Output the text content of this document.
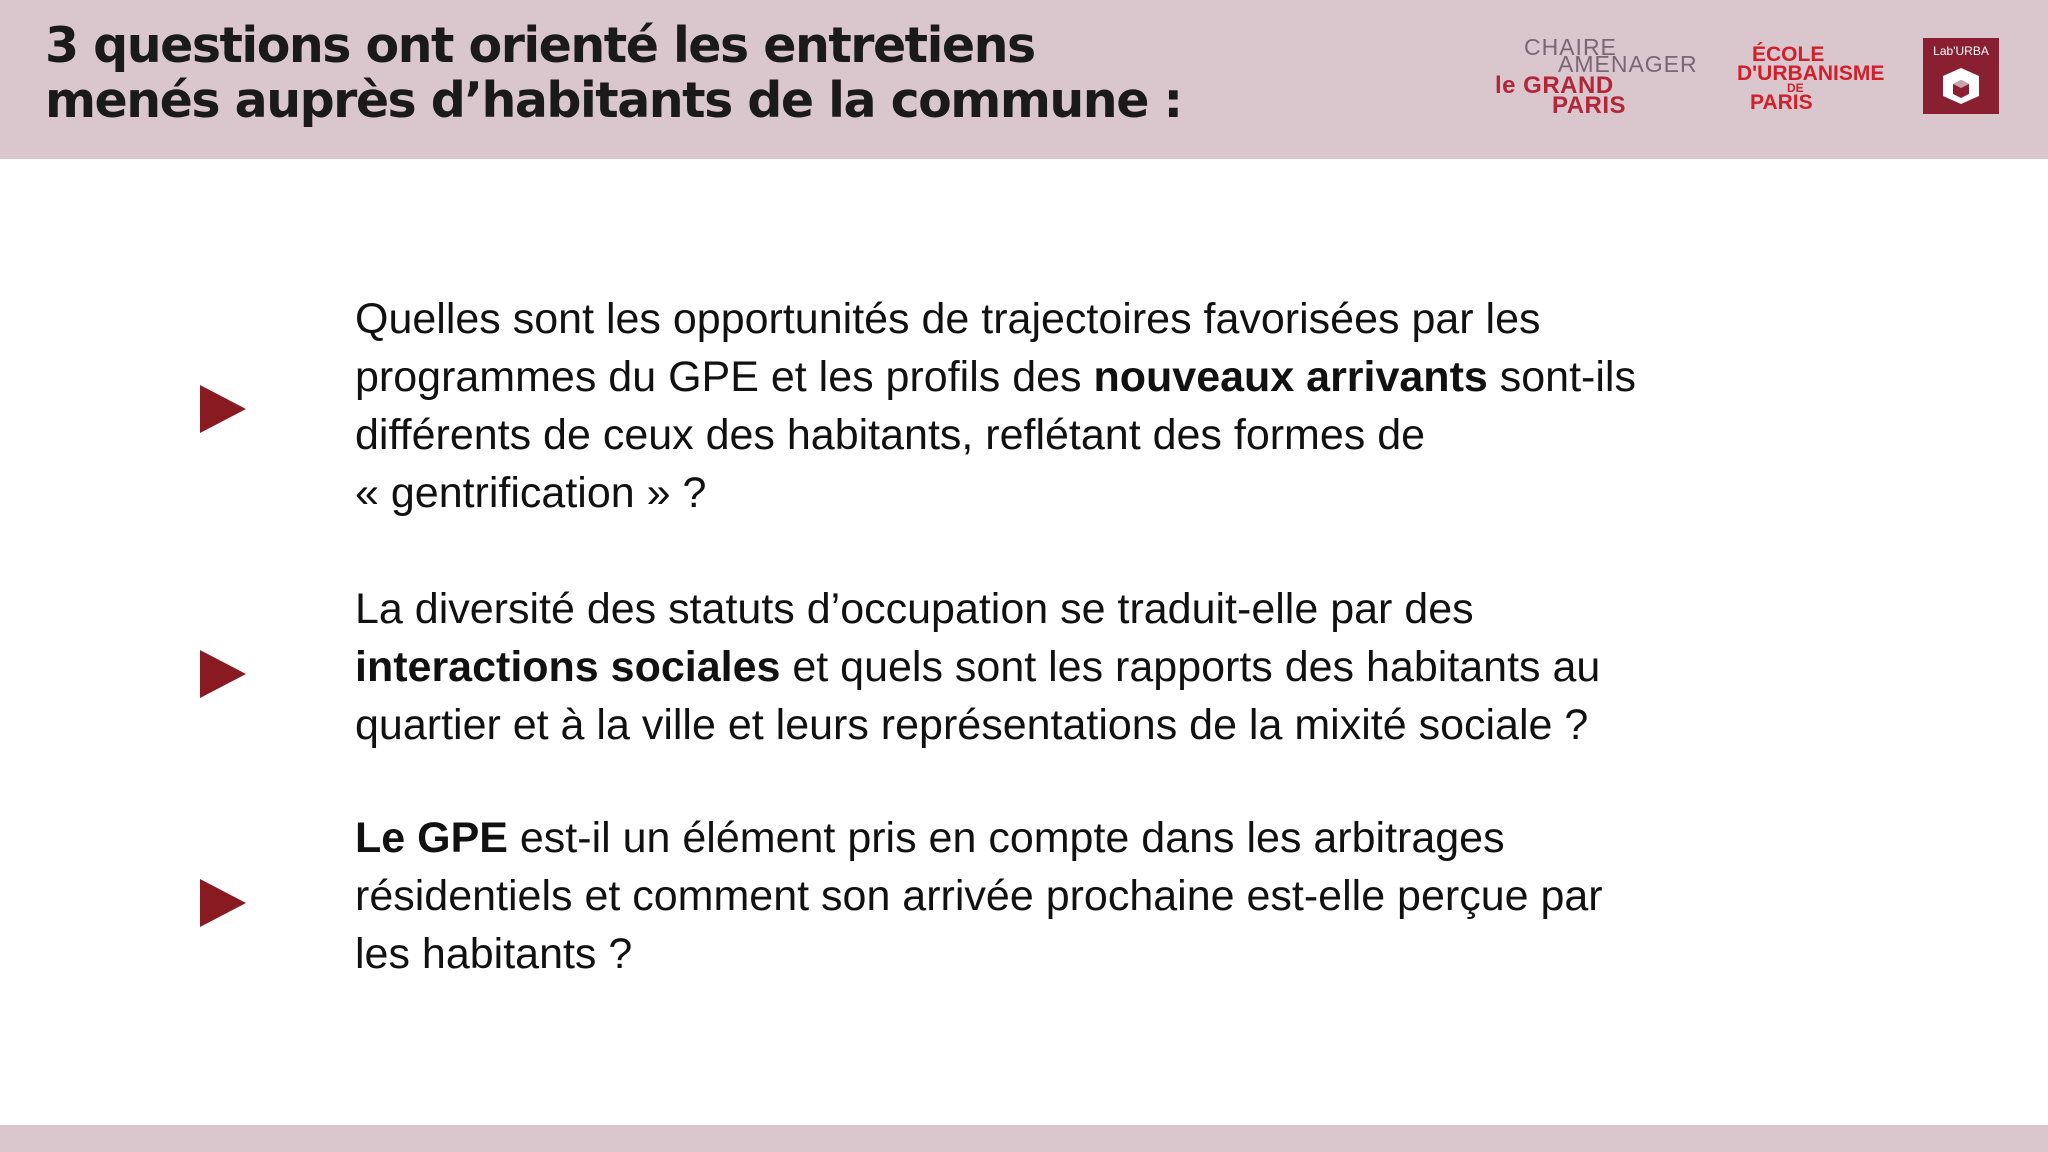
3 questions ont orienté les entretiens
menés auprès d’habitants de la commune :
CHAIRE
AMENAGER
le GRAND
PARIS
ÉCOLE
D'URBANISME
DE
PARIS
Lab'URBA

Quelles sont les opportunités de trajectoires favorisées par les
programmes du GPE et les profils des nouveaux arrivants sont-ils
différents de ceux des habitants, reflétant des formes de
« gentrification » ?

La diversité des statuts d’occupation se traduit-elle par des
interactions sociales et quels sont les rapports des habitants au
quartier et à la ville et leurs représentations de la mixité sociale ?

Le GPE est-il un élément pris en compte dans les arbitrages
résidentiels et comment son arrivée prochaine est-elle perçue par
les habitants ?
